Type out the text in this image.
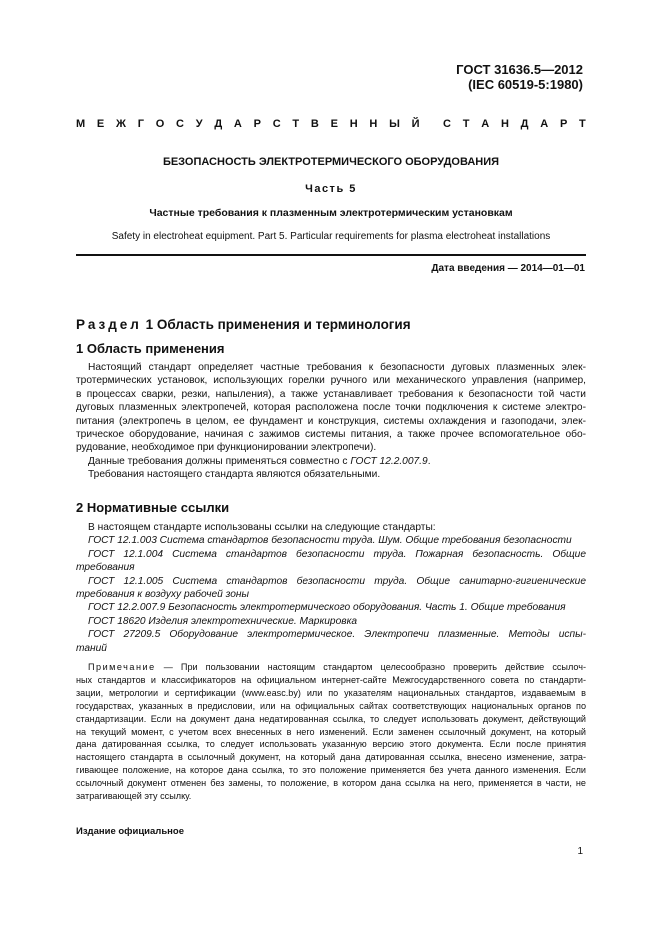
ГОСТ 31636.5—2012
(IEC 60519-5:1980)
М Е Ж Г О С У Д А Р С Т В Е Н Н Ы Й С Т А Н Д А Р Т
БЕЗОПАСНОСТЬ ЭЛЕКТРОТЕРМИЧЕСКОГО ОБОРУДОВАНИЯ
Часть 5
Частные требования к плазменным электротермическим установкам
Safety in electroheat equipment. Part 5. Particular requirements for plasma electroheat installations
Дата введения — 2014—01—01
Раздел 1 Область применения и терминология
1 Область применения
Настоящий стандарт определяет частные требования к безопасности дуговых плазменных элек-
тротермических установок, использующих горелки ручного или механического управления (например,
в процессах сварки, резки, напыления), а также устанавливает требования к безопасности той части
дуговых плазменных электропечей, которая расположена после точки подключения к системе электро-
питания (электропечь в целом, ее фундамент и конструкция, системы охлаждения и газоподачи, элек-
трическое оборудование, начиная с зажимов системы питания, а также прочее вспомогательное обо-
рудование, необходимое при функционировании электропечи).
Данные требования должны применяться совместно с ГОСТ 12.2.007.9.
Требования настоящего стандарта являются обязательными.
2 Нормативные ссылки
В настоящем стандарте использованы ссылки на следующие стандарты:
ГОСТ 12.1.003 Система стандартов безопасности труда. Шум. Общие требования безопасности
ГОСТ 12.1.004 Система стандартов безопасности труда. Пожарная безопасность. Общие
требования
ГОСТ 12.1.005 Система стандартов безопасности труда. Общие санитарно-гигиенические
требования к воздуху рабочей зоны
ГОСТ 12.2.007.9 Безопасность электротермического оборудования. Часть 1. Общие требования
ГОСТ 18620 Изделия электротехнические. Маркировка
ГОСТ 27209.5 Оборудование электротермическое. Электропечи плазменные. Методы испы-
таний
Примечание — При пользовании настоящим стандартом целесообразно проверить действие ссылоч-
ных стандартов и классификаторов на официальном интернет-сайте Межгосударственного совета по стандарти-
зации, метрологии и сертификации (www.easc.by) или по указателям национальных стандартов, издаваемым в
государствах, указанных в предисловии, или на официальных сайтах соответствующих национальных органов по
стандартизации. Если на документ дана недатированная ссылка, то следует использовать документ, действующий
на текущий момент, с учетом всех внесенных в него изменений. Если заменен ссылочный документ, на который
дана датированная ссылка, то следует использовать указанную версию этого документа. Если после принятия
настоящего стандарта в ссылочный документ, на который дана датированная ссылка, внесено изменение, затра-
гивающее положение, на которое дана ссылка, то это положение применяется без учета данного изменения. Если
ссылочный документ отменен без замены, то положение, в котором дана ссылка на него, применяется в части, не
затрагивающей эту ссылку.
Издание официальное
1
